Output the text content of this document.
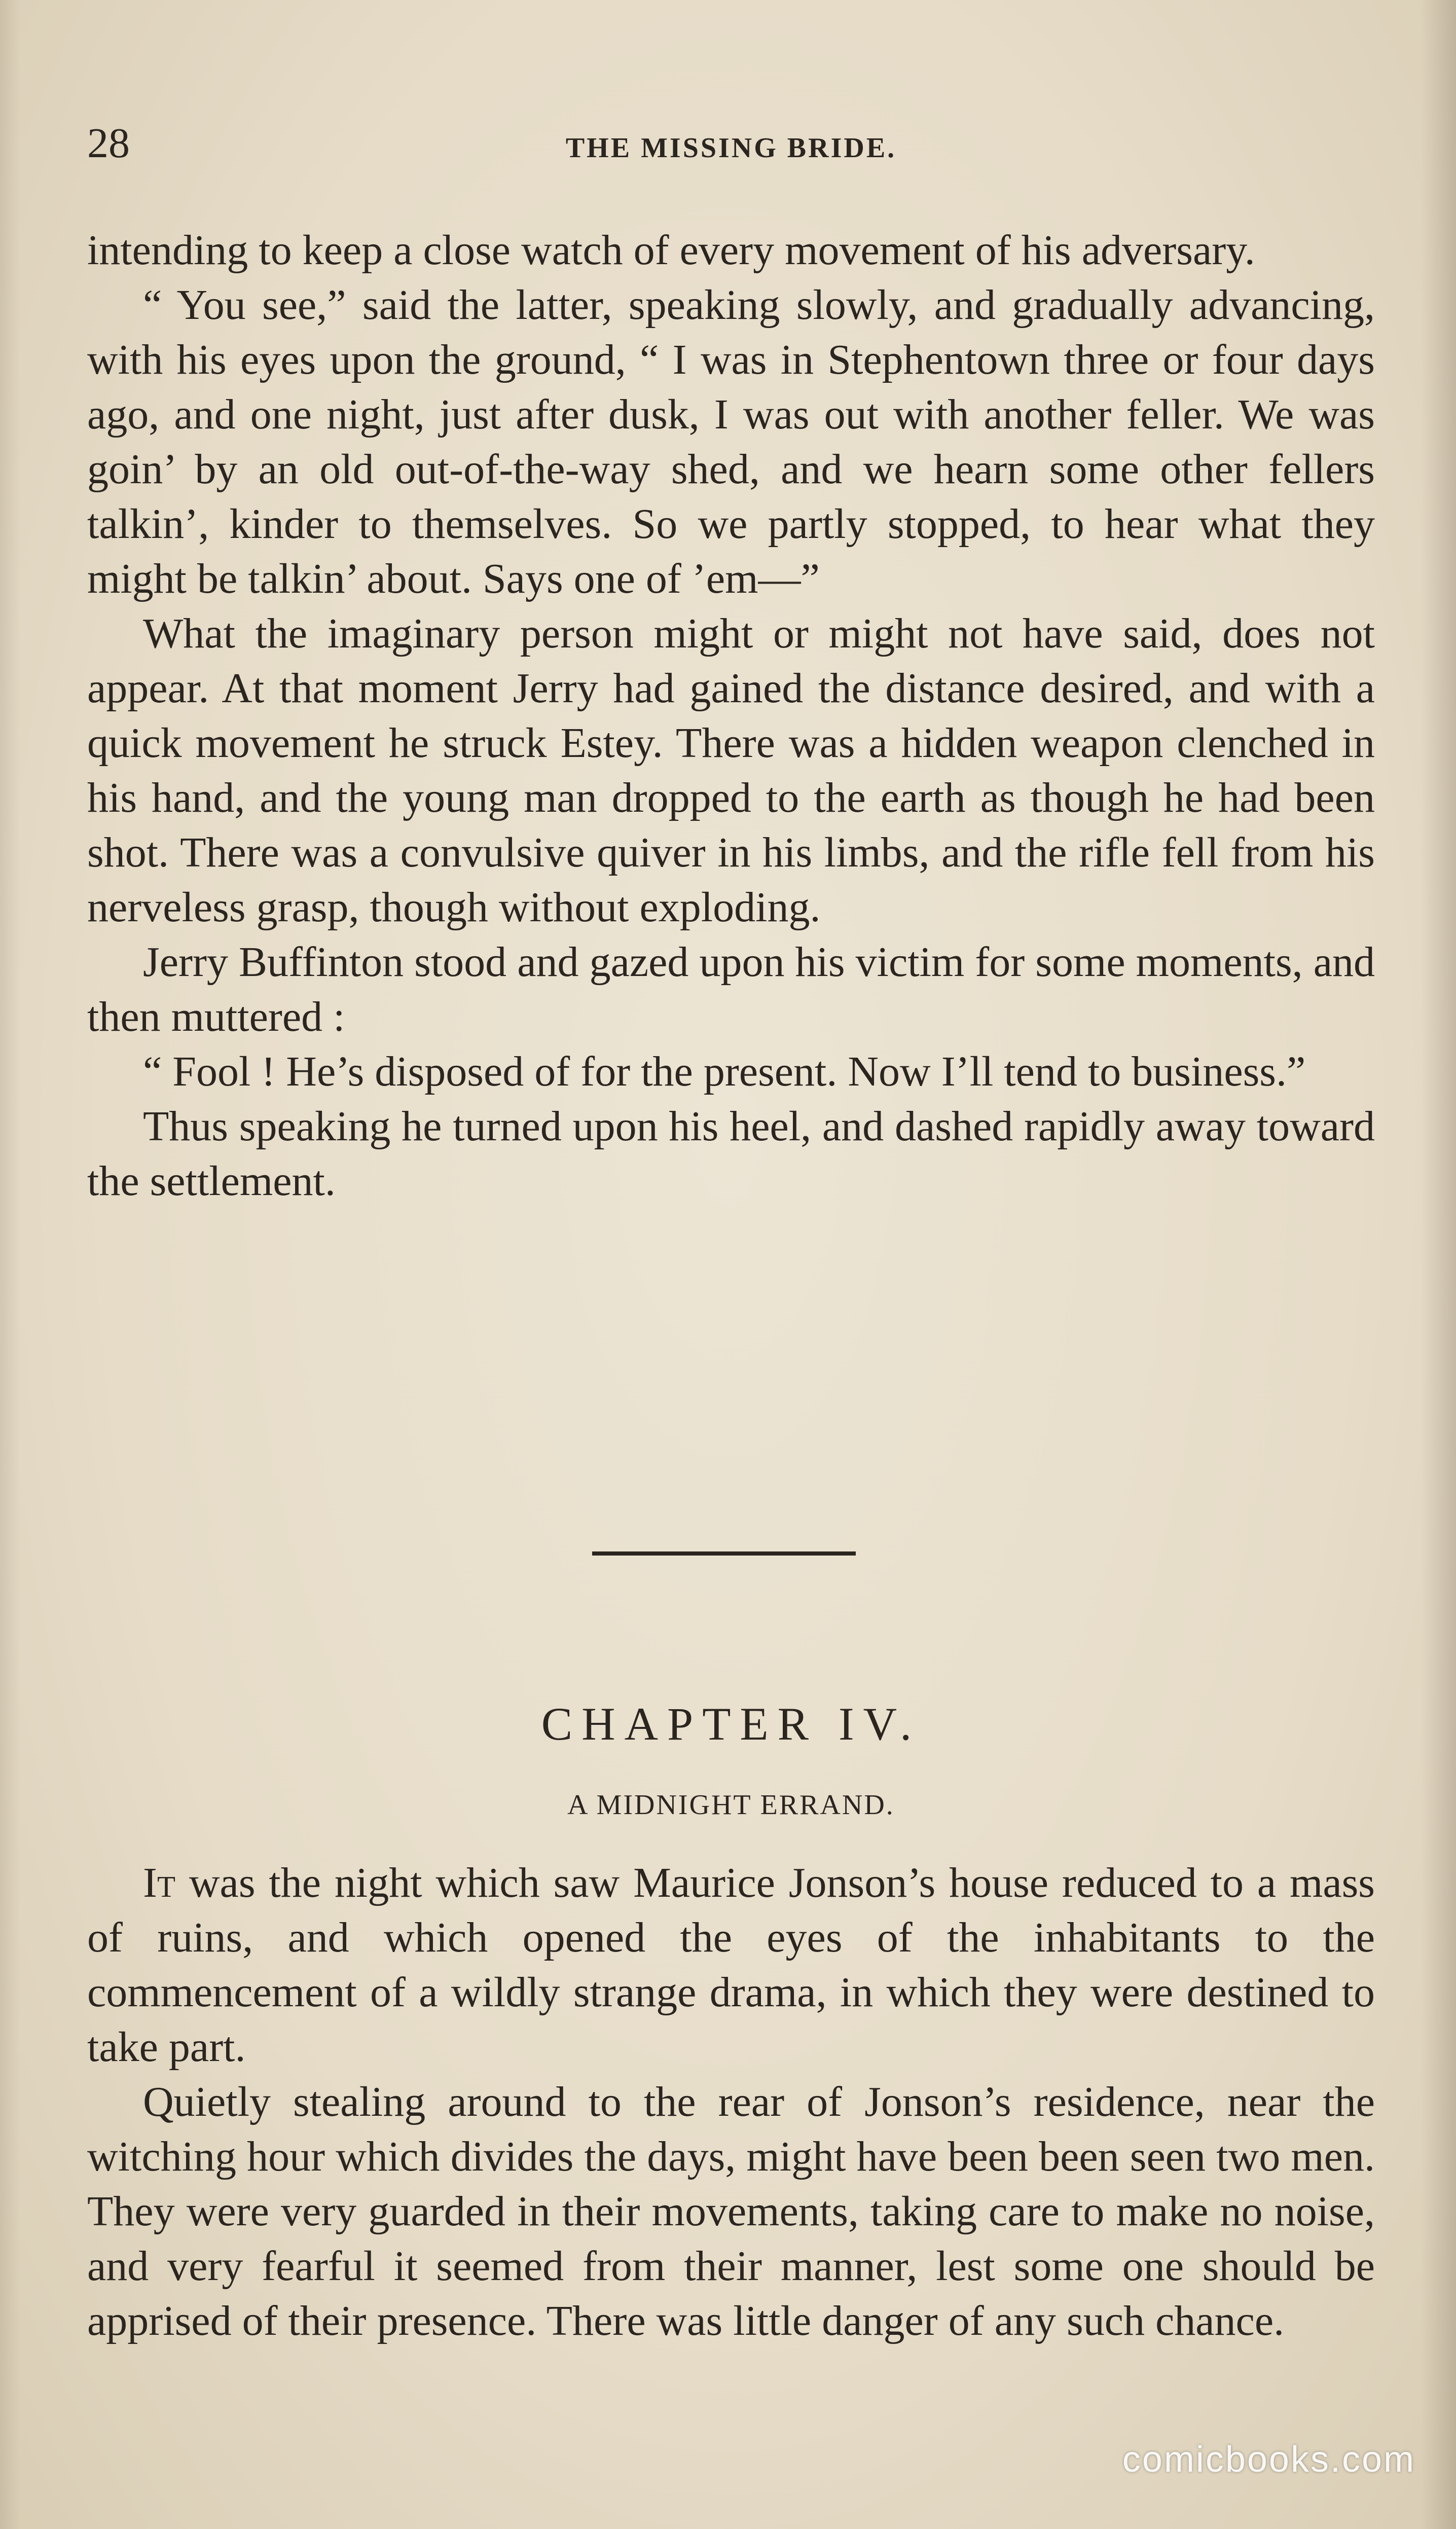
28	THE MISSING BRIDE.

intending to keep a close watch of every movement of his adversary.

“ You see,” said the latter, speaking slowly, and gradually advancing, with his eyes upon the ground, “ I was in Stephentown three or four days ago, and one night, just after dusk, I was out with another feller. We was goin’ by an old out-of-the-way shed, and we hearn some other fellers talkin’, kinder to themselves. So we partly stopped, to hear what they might be talkin’ about. Says one of ’em—”

What the imaginary person might or might not have said, does not appear. At that moment Jerry had gained the distance desired, and with a quick movement he struck Estey. There was a hidden weapon clenched in his hand, and the young man dropped to the earth as though he had been shot. There was a convulsive quiver in his limbs, and the rifle fell from his nerveless grasp, though without exploding.

Jerry Buffinton stood and gazed upon his victim for some moments, and then muttered :

“ Fool ! He’s disposed of for the present. Now I’ll tend to business.”

Thus speaking he turned upon his heel, and dashed rapidly away toward the settlement.

CHAPTER IV.
A MIDNIGHT ERRAND.

It was the night which saw Maurice Jonson’s house reduced to a mass of ruins, and which opened the eyes of the inhabitants to the commencement of a wildly strange drama, in which they were destined to take part.

Quietly stealing around to the rear of Jonson’s residence, near the witching hour which divides the days, might have been been seen two men. They were very guarded in their movements, taking care to make no noise, and very fearful it seemed from their manner, lest some one should be apprised of their presence. There was little danger of any such chance.

comicbooks.com
